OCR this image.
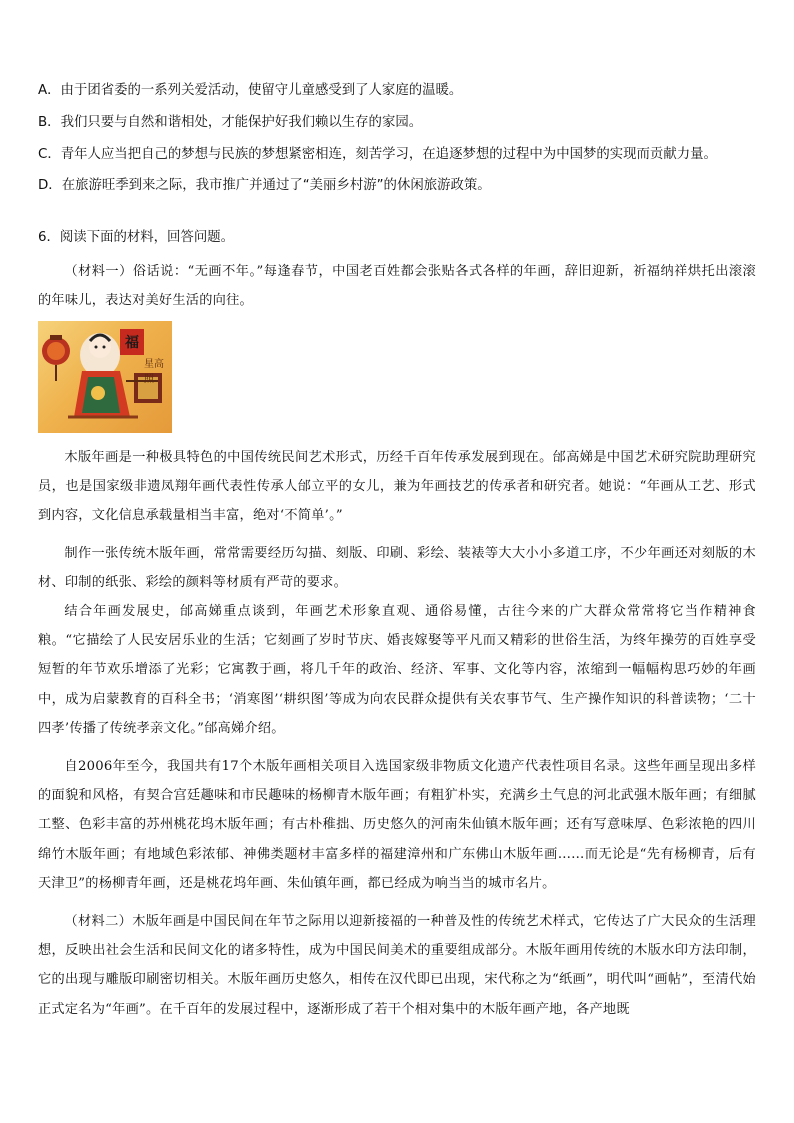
A．由于团省委的一系列关爱活动，使留守儿童感受到了人家庭的温暖。
B．我们只要与自然和谐相处，才能保护好我们赖以生存的家园。
C．青年人应当把自己的梦想与民族的梦想紧密相连，刻苦学习，在追逐梦想的过程中为中国梦的实现而贡献力量。
D．在旅游旺季到来之际，我市推广并通过了“美丽乡村游”的休闲旅游政策。
6．阅读下面的材料，回答问题。
（材料一）俗话说：“无画不年。”每逢春节，中国老百姓都会张贴各式各样的年画，辞旧迎新，祈福纳祥烘托出滚滚的年味儿，表达对美好生活的向往。
福
星高照
木版年画是一种极具特色的中国传统民间艺术形式，历经千百年传承发展到现在。邰高娣是中国艺术研究院助理研究员，也是国家级非遗凤翔年画代表性传承人邰立平的女儿，兼为年画技艺的传承者和研究者。她说：“年画从工艺、形式到内容，文化信息承载量相当丰富，绝对‘不简单’。”
制作一张传统木版年画，常常需要经历勾描、刻版、印刷、彩绘、装裱等大大小小多道工序，不少年画还对刻版的木材、印制的纸张、彩绘的颜料等材质有严苛的要求。
结合年画发展史，邰高娣重点谈到，年画艺术形象直观、通俗易懂，古往今来的广大群众常常将它当作精神食粮。“它描绘了人民安居乐业的生活；它刻画了岁时节庆、婚丧嫁娶等平凡而又精彩的世俗生活，为终年操劳的百姓享受短暂的年节欢乐增添了光彩；它寓教于画，将几千年的政治、经济、军事、文化等内容，浓缩到一幅幅构思巧妙的年画中，成为启蒙教育的百科全书；‘消寒图’‘耕织图’等成为向农民群众提供有关农事节气、生产操作知识的科普读物；‘二十四孝’传播了传统孝亲文化。”邰高娣介绍。
自2006年至今，我国共有17个木版年画相关项目入选国家级非物质文化遗产代表性项目名录。这些年画呈现出多样的面貌和风格，有契合宫廷趣味和市民趣味的杨柳青木版年画；有粗犷朴实，充满乡土气息的河北武强木版年画；有细腻工整、色彩丰富的苏州桃花坞木版年画；有古朴稚拙、历史悠久的河南朱仙镇木版年画；还有写意味厚、色彩浓艳的四川绵竹木版年画；有地域色彩浓郁、神佛类题材丰富多样的福建漳州和广东佛山木版年画……而无论是“先有杨柳青，后有天津卫”的杨柳青年画，还是桃花坞年画、朱仙镇年画，都已经成为响当当的城市名片。
（材料二）木版年画是中国民间在年节之际用以迎新接福的一种普及性的传统艺术样式，它传达了广大民众的生活理想，反映出社会生活和民间文化的诸多特性，成为中国民间美术的重要组成部分。木版年画用传统的木版水印方法印制，它的出现与雕版印刷密切相关。木版年画历史悠久，相传在汉代即已出现，宋代称之为“纸画”，明代叫“画帖”，至清代始正式定名为“年画”。在千百年的发展过程中，逐渐形成了若干个相对集中的木版年画产地，各产地既
